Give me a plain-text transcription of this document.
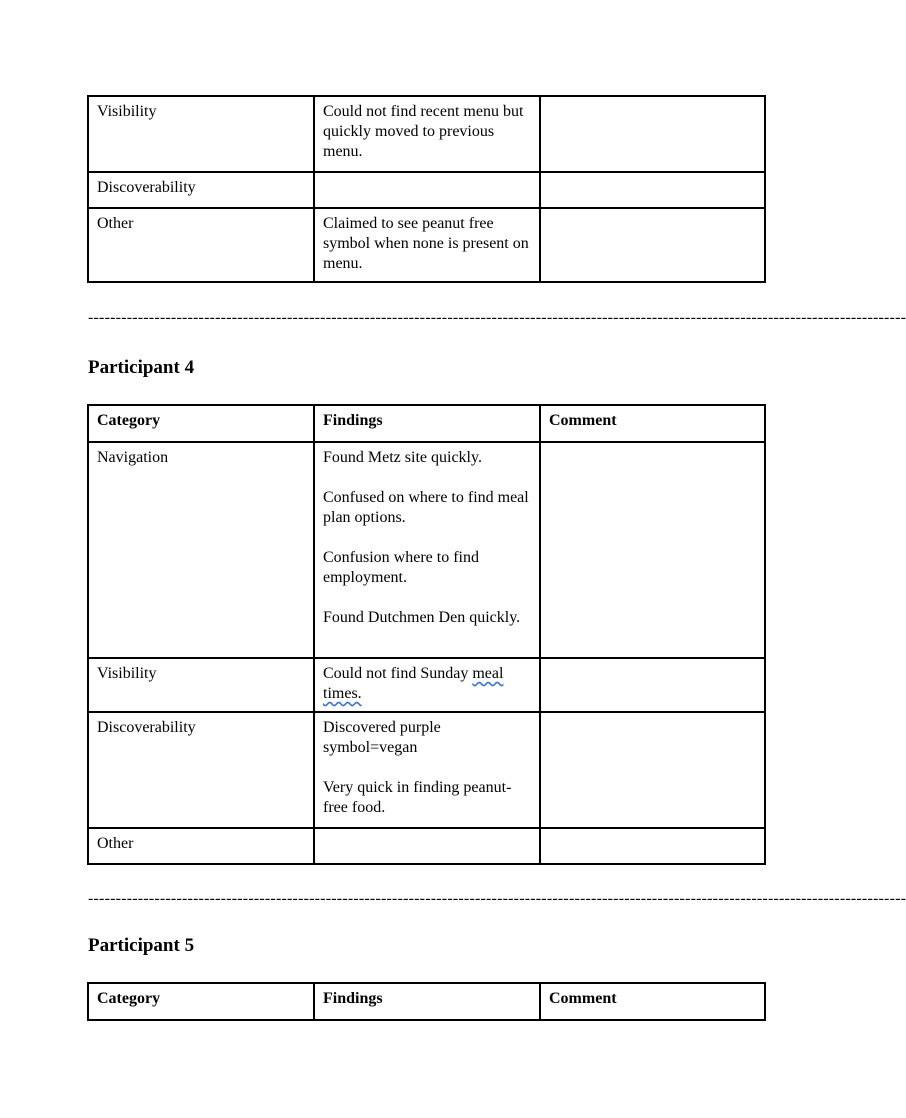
Visibility	Could not find recent menu but quickly moved to previous menu.	

Discoverability		
Other	Claimed to see peanut free symbol when none is present on menu.	

----------------------------------------------------------------------------------------------------------------------------------------------------
Participant 4
Category	Findings	Comment
Navigation	Found Metz site quickly.

Confused on where to find meal plan options.

Confusion where to find employment.

Found Dutchmen Den quickly.	

Visibility	Could not find Sunday meal times.	
Discoverability	Discovered purple symbol=vegan

Very quick in finding peanut-free food.	

Other		
----------------------------------------------------------------------------------------------------------------------------------------------------
Participant 5
Category	Findings	Comment
